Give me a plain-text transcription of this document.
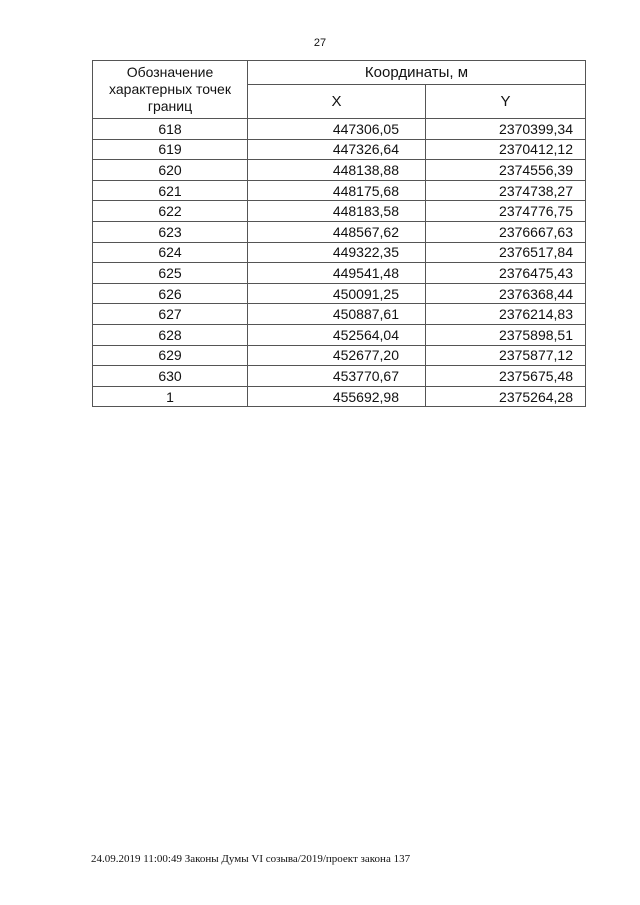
27
Обозначение характерных точек границ	Координаты, м	
	X	Y
618	447306,05	2370399,34
619	447326,64	2370412,12
620	448138,88	2374556,39
621	448175,68	2374738,27
622	448183,58	2374776,75
623	448567,62	2376667,63
624	449322,35	2376517,84
625	449541,48	2376475,43
626	450091,25	2376368,44
627	450887,61	2376214,83
628	452564,04	2375898,51
629	452677,20	2375877,12
630	453770,67	2375675,48
1	455692,98	2375264,28
24.09.2019 11:00:49 Законы Думы VI созыва/2019/проект закона 137
